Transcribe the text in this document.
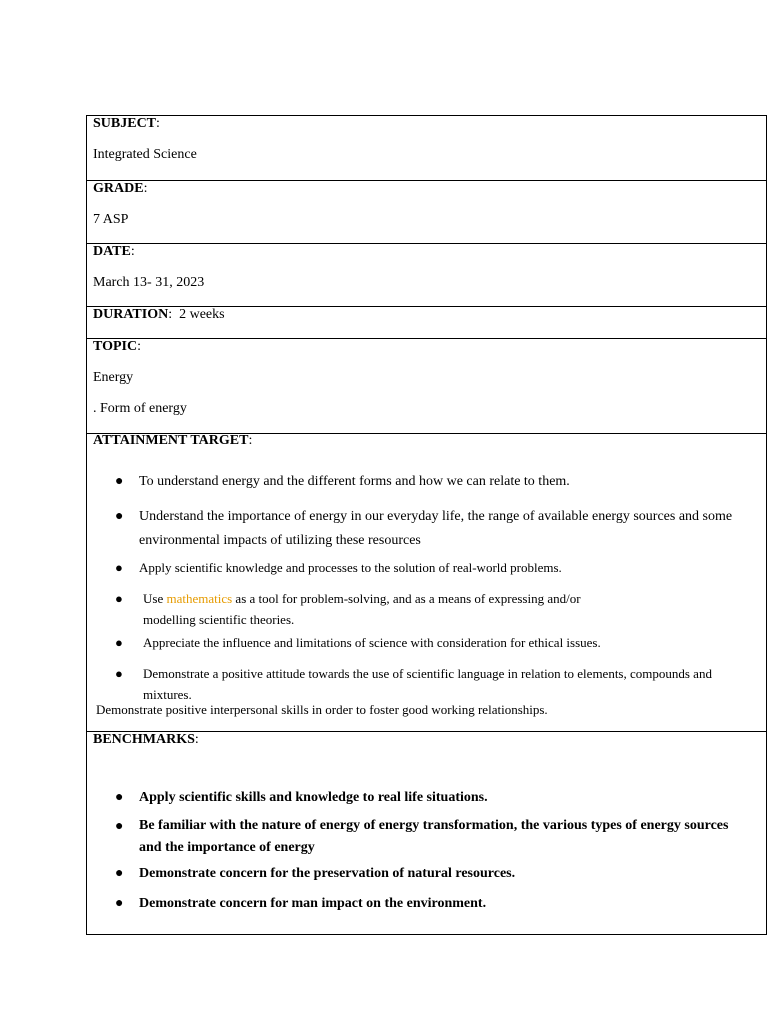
SUBJECT:
Integrated Science
GRADE:
7 ASP
DATE:
March 13- 31, 2023
DURATION:  2 weeks
TOPIC:
Energy
. Form of energy
ATTAINMENT TARGET:
● To understand energy and the different forms and how we can relate to them.
● Understand the importance of energy in our everyday life, the range of available energy sources and some environmental impacts of utilizing these resources
● Apply scientific knowledge and processes to the solution of real-world problems.
● Use mathematics as a tool for problem-solving, and as a means of expressing and/or
modelling scientific theories.
● Appreciate the influence and limitations of science with consideration for ethical issues.
● Demonstrate a positive attitude towards the use of scientific language in relation to elements, compounds and mixtures.
Demonstrate positive interpersonal skills in order to foster good working relationships.
BENCHMARKS:
● Apply scientific skills and knowledge to real life situations.
● Be familiar with the nature of energy of energy transformation, the various types of energy sources and the importance of energy
● Demonstrate concern for the preservation of natural resources.
● Demonstrate concern for man impact on the environment.
